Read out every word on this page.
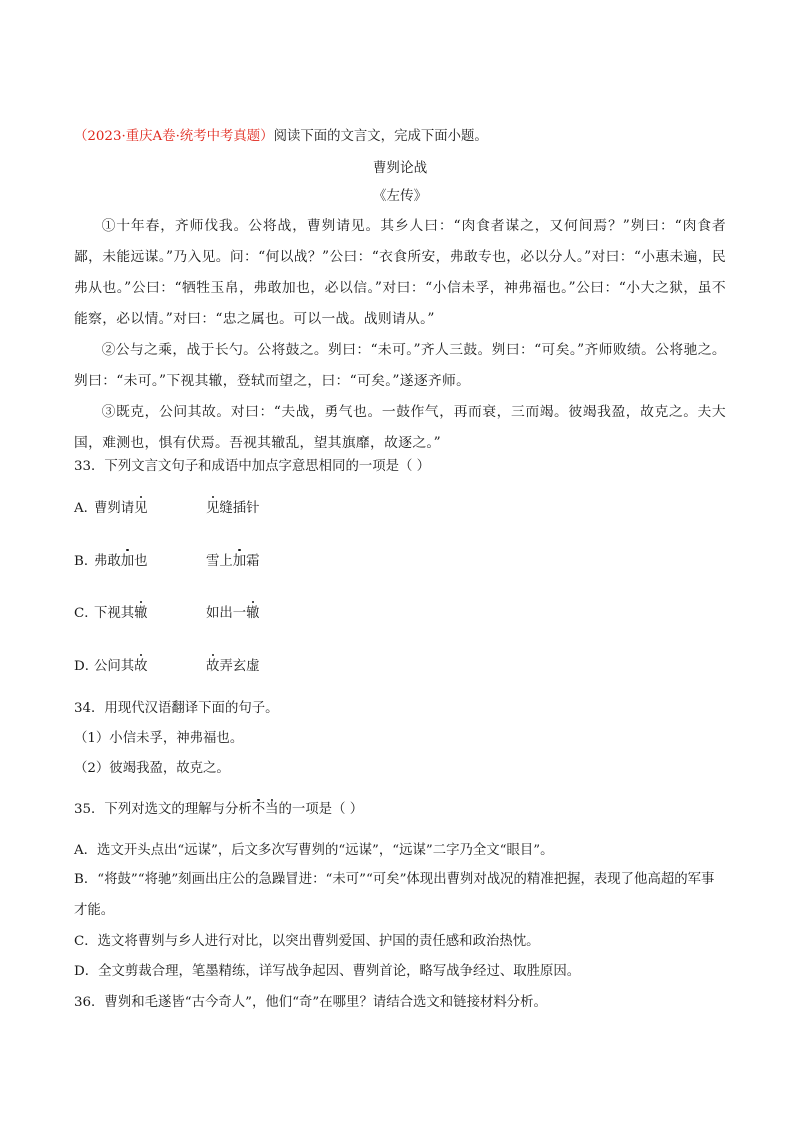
（2023·重庆A卷·统考中考真题）阅读下面的文言文，完成下面小题。
曹刿论战
《左传》
①十年春，齐师伐我。公将战，曹刿请见。其乡人曰：“肉食者谋之，又何间焉？”刿曰：“肉食者鄙，未能远谋。”乃入见。问：“何以战？”公曰：“衣食所安，弗敢专也，必以分人。”对曰：“小惠未遍，民弗从也。”公曰：“牺牲玉帛，弗敢加也，必以信。”对曰：“小信未孚，神弗福也。”公曰：“小大之狱，虽不能察，必以情。”对曰：“忠之属也。可以一战。战则请从。”
②公与之乘，战于长勺。公将鼓之。刿曰：“未可。”齐人三鼓。刿曰：“可矣。”齐师败绩。公将驰之。刿曰：“未可。”下视其辙，登轼而望之，曰：“可矣。”遂逐齐师。
③既克，公问其故。对曰：“夫战，勇气也。一鼓作气，再而衰，三而竭。彼竭我盈，故克之。夫大国，难测也，惧有伏焉。吾视其辙乱，望其旗靡，故逐之。”
33．下列文言文句子和成语中加点字意思相同的一项是（ ）
A．曹刿请见	见缝插针
B．弗敢加也	雪上加霜
C．下视其辙	如出一辙
D．公问其故	故弄玄虚
34．用现代汉语翻译下面的句子。
（1）小信未孚，神弗福也。
（2）彼竭我盈，故克之。
35．下列对选文的理解与分析不当的一项是（ ）
A．选文开头点出“远谋”，后文多次写曹刿的“远谋”，“远谋”二字乃全文“眼目”。
B．“将鼓”“将驰”刻画出庄公的急躁冒进：“未可”“可矣”体现出曹刿对战况的精准把握，表现了他高超的军事才能。
C．选文将曹刿与乡人进行对比，以突出曹刿爱国、护国的责任感和政治热忱。
D．全文剪裁合理，笔墨精练，详写战争起因、曹刿首论，略写战争经过、取胜原因。
36．曹刿和毛遂皆“古今奇人”，他们“奇”在哪里？请结合选文和链接材料分析。
